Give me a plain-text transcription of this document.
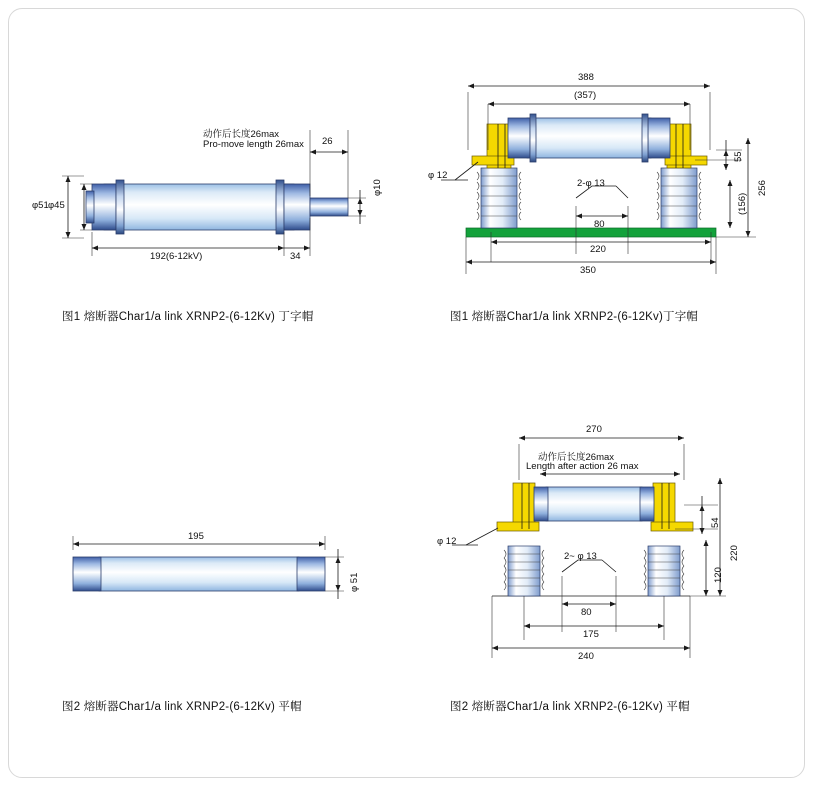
动作后长度26max
Pro-move length 26max 26
φ51 φ45
φ10
192(6-12kV)	34
图1 熔断器Char1/a link XRNP2-(6-12Kv) 丁字帽
388
(357)
φ 12
2-φ 13
55
256
(156)
80
220
350
图1 熔断器Char1/a link XRNP2-(6-12Kv)丁字帽
195
φ 51
图2 熔断器Char1/a link XRNP2-(6-12Kv) 平帽
270
动作后长度26max
Length after action 26 max
φ 12
2~ φ 13
54
120
220
80
175
240
图2 熔断器Char1/a link XRNP2-(6-12Kv) 平帽
